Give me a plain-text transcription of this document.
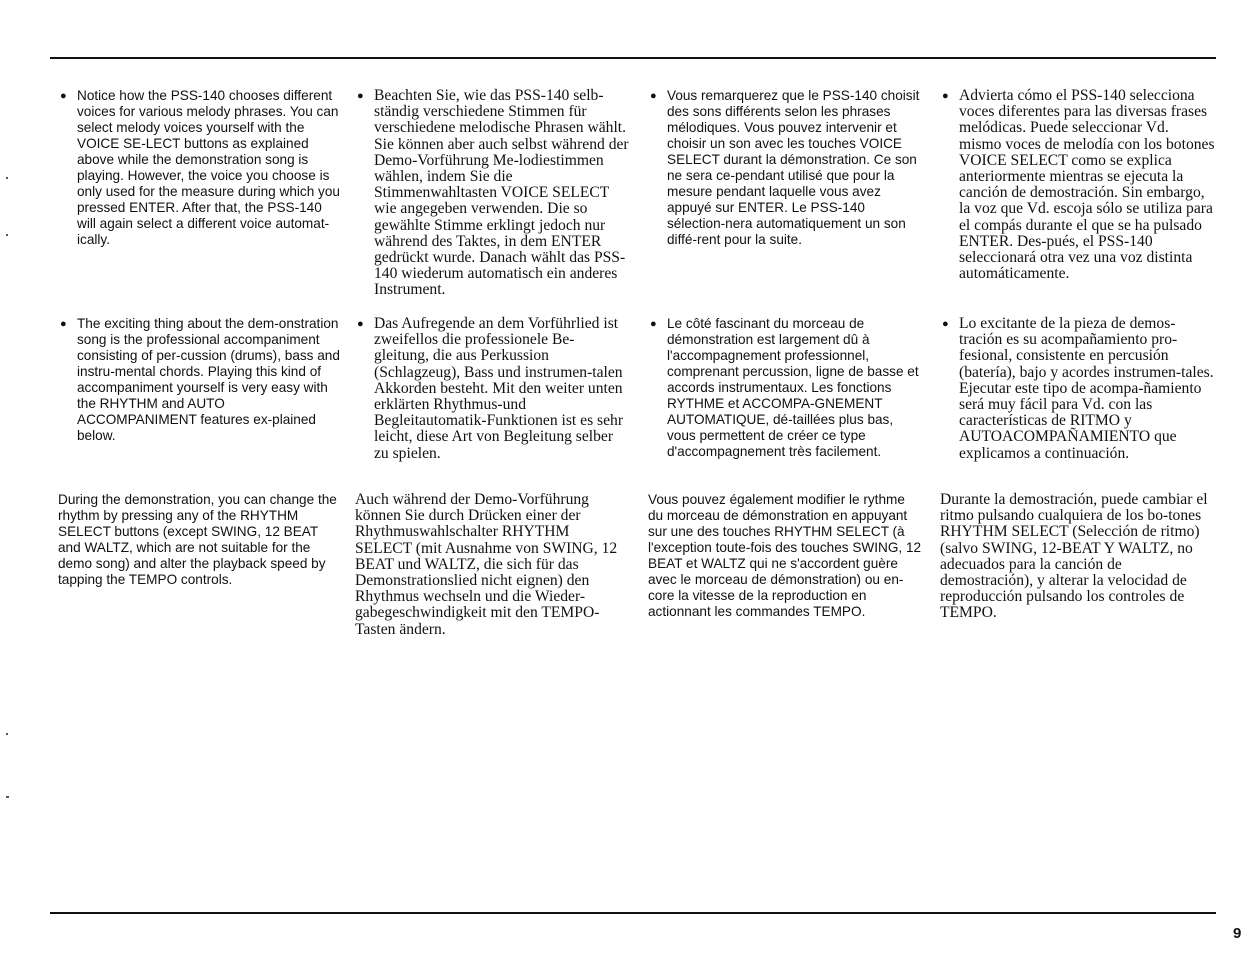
● Notice how the PSS-140 chooses different voices for various melody phrases. You can select melody voices yourself with the VOICE SE-LECT buttons as explained above while the demonstration song is playing. However, the voice you choose is only used for the measure during which you pressed ENTER. After that, the PSS-140 will again select a different voice automat-ically.

● The exciting thing about the dem-onstration song is the professional accompaniment consisting of per-cussion (drums), bass and instru-mental chords. Playing this kind of accompaniment yourself is very easy with the RHYTHM and AUTO ACCOMPANIMENT features ex-plained below.

During the demonstration, you can change the rhythm by pressing any of the RHYTHM SELECT buttons (except SWING, 12 BEAT and WALTZ, which are not suitable for the demo song) and alter the playback speed by tapping the TEMPO controls.

● Beachten Sie, wie das PSS-140 selb-ständig verschiedene Stimmen für verschiedene melodische Phrasen wählt. Sie können aber auch selbst während der Demo-Vorführung Me-lodiestimmen wählen, indem Sie die Stimmenwahltasten VOICE SELECT wie angegeben verwenden. Die so gewählte Stimme erklingt jedoch nur während des Taktes, in dem ENTER gedrückt wurde. Danach wählt das PSS-140 wiederum automatisch ein anderes Instrument.

● Das Aufregende an dem Vorführlied ist zweifellos die professionele Be-gleitung, die aus Perkussion (Schlagzeug), Bass und instrumen-talen Akkorden besteht. Mit den weiter unten erklärten Rhythmus-und Begleitautomatik-Funktionen ist es sehr leicht, diese Art von Begleitung selber zu spielen.

Auch während der Demo-Vorführung können Sie durch Drücken einer der Rhythmuswahlschalter RHYTHM SELECT (mit Ausnahme von SWING, 12 BEAT und WALTZ, die sich für das Demonstrationslied nicht eignen) den Rhythmus wechseln und die Wieder-gabegeschwindigkeit mit den TEMPO-Tasten ändern.

● Vous remarquerez que le PSS-140 choisit des sons différents selon les phrases mélodiques. Vous pouvez intervenir et choisir un son avec les touches VOICE SELECT durant la démonstration. Ce son ne sera ce-pendant utilisé que pour la mesure pendant laquelle vous avez appuyé sur ENTER. Le PSS-140 sélection-nera automatiquement un son diffé-rent pour la suite.

● Le côté fascinant du morceau de démonstration est largement dû à l'accompagnement professionnel, comprenant percussion, ligne de basse et accords instrumentaux. Les fonctions RYTHME et ACCOMPA-GNEMENT AUTOMATIQUE, dé-taillées plus bas, vous permettent de créer ce type d'accompagnement très facilement.

Vous pouvez également modifier le rythme du morceau de démonstration en appuyant sur une des touches RHYTHM SELECT (à l'exception toute-fois des touches SWING, 12 BEAT et WALTZ qui ne s'accordent guère avec le morceau de démonstration) ou en-core la vitesse de la reproduction en actionnant les commandes TEMPO.

● Advierta cómo el PSS-140 selecciona voces diferentes para las diversas frases melódicas. Puede seleccionar Vd. mismo voces de melodía con los botones VOICE SELECT como se explica anteriormente mientras se ejecuta la canción de demostración. Sin embargo, la voz que Vd. escoja sólo se utiliza para el compás durante el que se ha pulsado ENTER. Des-pués, el PSS-140 seleccionará otra vez una voz distinta automáticamente.

● Lo excitante de la pieza de demos-tración es su acompañamiento pro-fesional, consistente en percusión (batería), bajo y acordes instrumen-tales. Ejecutar este tipo de acompa-ñamiento será muy fácil para Vd. con las características de RITMO y AUTOACOMPAÑAMIENTO que explicamos a continuación.

Durante la demostración, puede cambiar el ritmo pulsando cualquiera de los bo-tones RHYTHM SELECT (Selección de ritmo) (salvo SWING, 12-BEAT Y WALTZ, no adecuados para la canción de demostración), y alterar la velocidad de reproducción pulsando los controles de TEMPO.

9
